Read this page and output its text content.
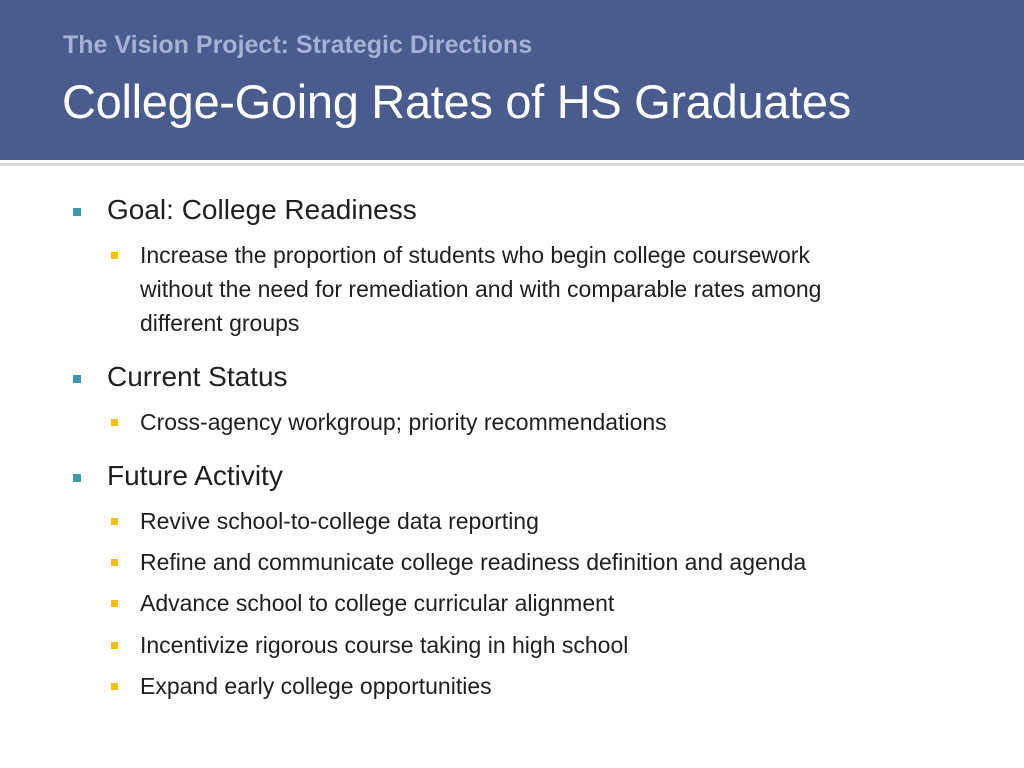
The Vision Project: Strategic Directions
College-Going Rates of HS Graduates
Goal: College Readiness
Increase the proportion of students who begin college coursework
without the need for remediation and with comparable rates among
different groups
Current Status
Cross-agency workgroup; priority recommendations
Future Activity
Revive school-to-college data reporting
Refine and communicate college readiness definition and agenda
Advance school to college curricular alignment
Incentivize rigorous course taking in high school
Expand early college opportunities
